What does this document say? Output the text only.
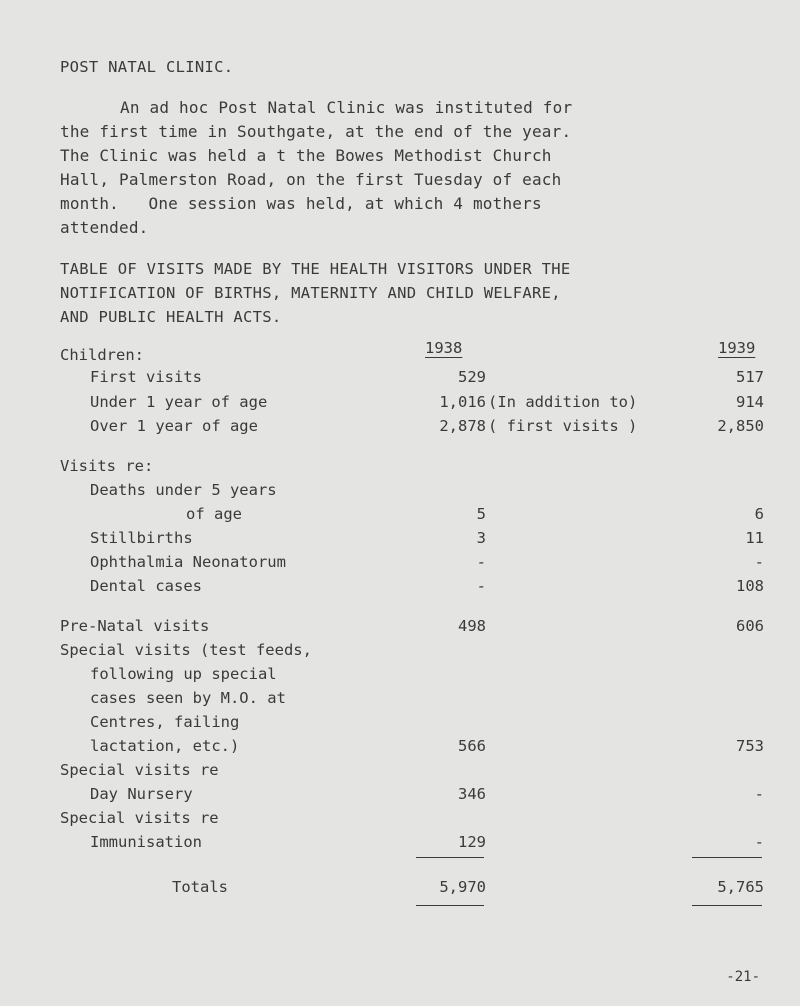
POST NATAL CLINIC.
An ad hoc Post Natal Clinic was instituted for
the first time in Southgate, at the end of the year.
The Clinic was held a t the Bowes Methodist Church
Hall, Palmerston Road, on the first Tuesday of each
month.   One session was held, at which 4 mothers
attended.
TABLE OF VISITS MADE BY THE HEALTH VISITORS UNDER THE
NOTIFICATION OF BIRTHS, MATERNITY AND CHILD WELFARE,
AND PUBLIC HEALTH ACTS.
Children:	1938	1939
First visits	529	517
Under 1 year of age	1,016 (In addition to)	914
Over 1 year of age	2,878 ( first visits )	2,850
Visits re:
Deaths under 5 years
of age	5	6
Stillbirths	3	11
Ophthalmia Neonatorum	-	-
Dental cases	-	108
Pre-Natal visits	498	606
Special visits (test feeds,
following up special
cases seen by M.O. at
Centres, failing
lactation, etc.)	566	753
Special visits re
Day Nursery	346	-
Special visits re
Immunisation	129	-
Totals	5,970	5,765
-21-
